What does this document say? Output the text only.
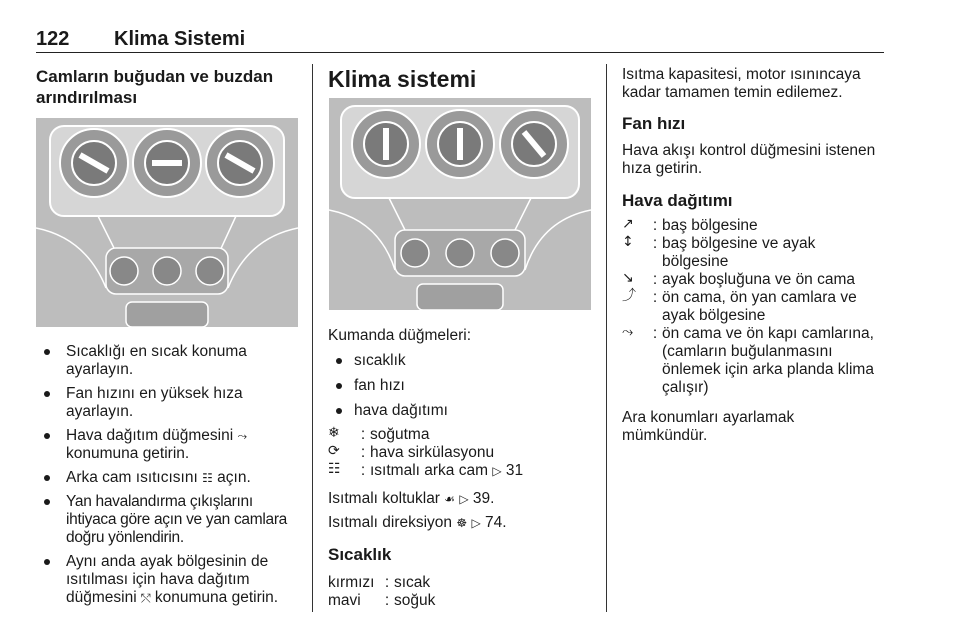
122 Klima Sistemi
Camların buğudan ve buzdan
arındırılması
Sıcaklığı en sıcak konuma
ayarlayın.
Fan hızını en yüksek hıza
ayarlayın.
Hava dağıtım düğmesini ⤳
konumuna getirin.
Arka cam ısıtıcısını ☷ açın.
Yan havalandırma çıkışlarını
ihtiyaca göre açın ve yan camlara
doğru yönlendirin.
Aynı anda ayak bölgesinin de
ısıtılması için hava dağıtım
düğmesini ⤲ konumuna getirin.
Klima sistemi

Kumanda düğmeleri:

sıcaklık
fan hızı
hava dağıtımı
❄	: soğutma
⟳	: hava sirkülasyonu
☷	: ısıtmalı arka cam ▷ 31

Isıtmalı koltuklar ☙ ▷ 39.

Isıtmalı direksiyon ☸ ▷ 74.

Sıcaklık
kırmızı : sıcak
mavi	: soğuk

Isıtma kapasitesi, motor ısınıncaya
kadar tamamen temin edilemez.

Fan hızı

Hava akışı kontrol düğmesini istenen
hıza getirin.

Hava dağıtımı
↗	: baş bölgesine
↕	: baş bölgesine ve ayak
bölgesine
↘	: ayak boşluğuna ve ön cama
⤴	: ön cama, ön yan camlara ve
ayak bölgesine
⤳	: ön cama ve ön kapı camlarına,
(camların buğulanmasını
önlemek için arka planda klima
çalışır)

Ara konumları ayarlamak
mümkündür.
